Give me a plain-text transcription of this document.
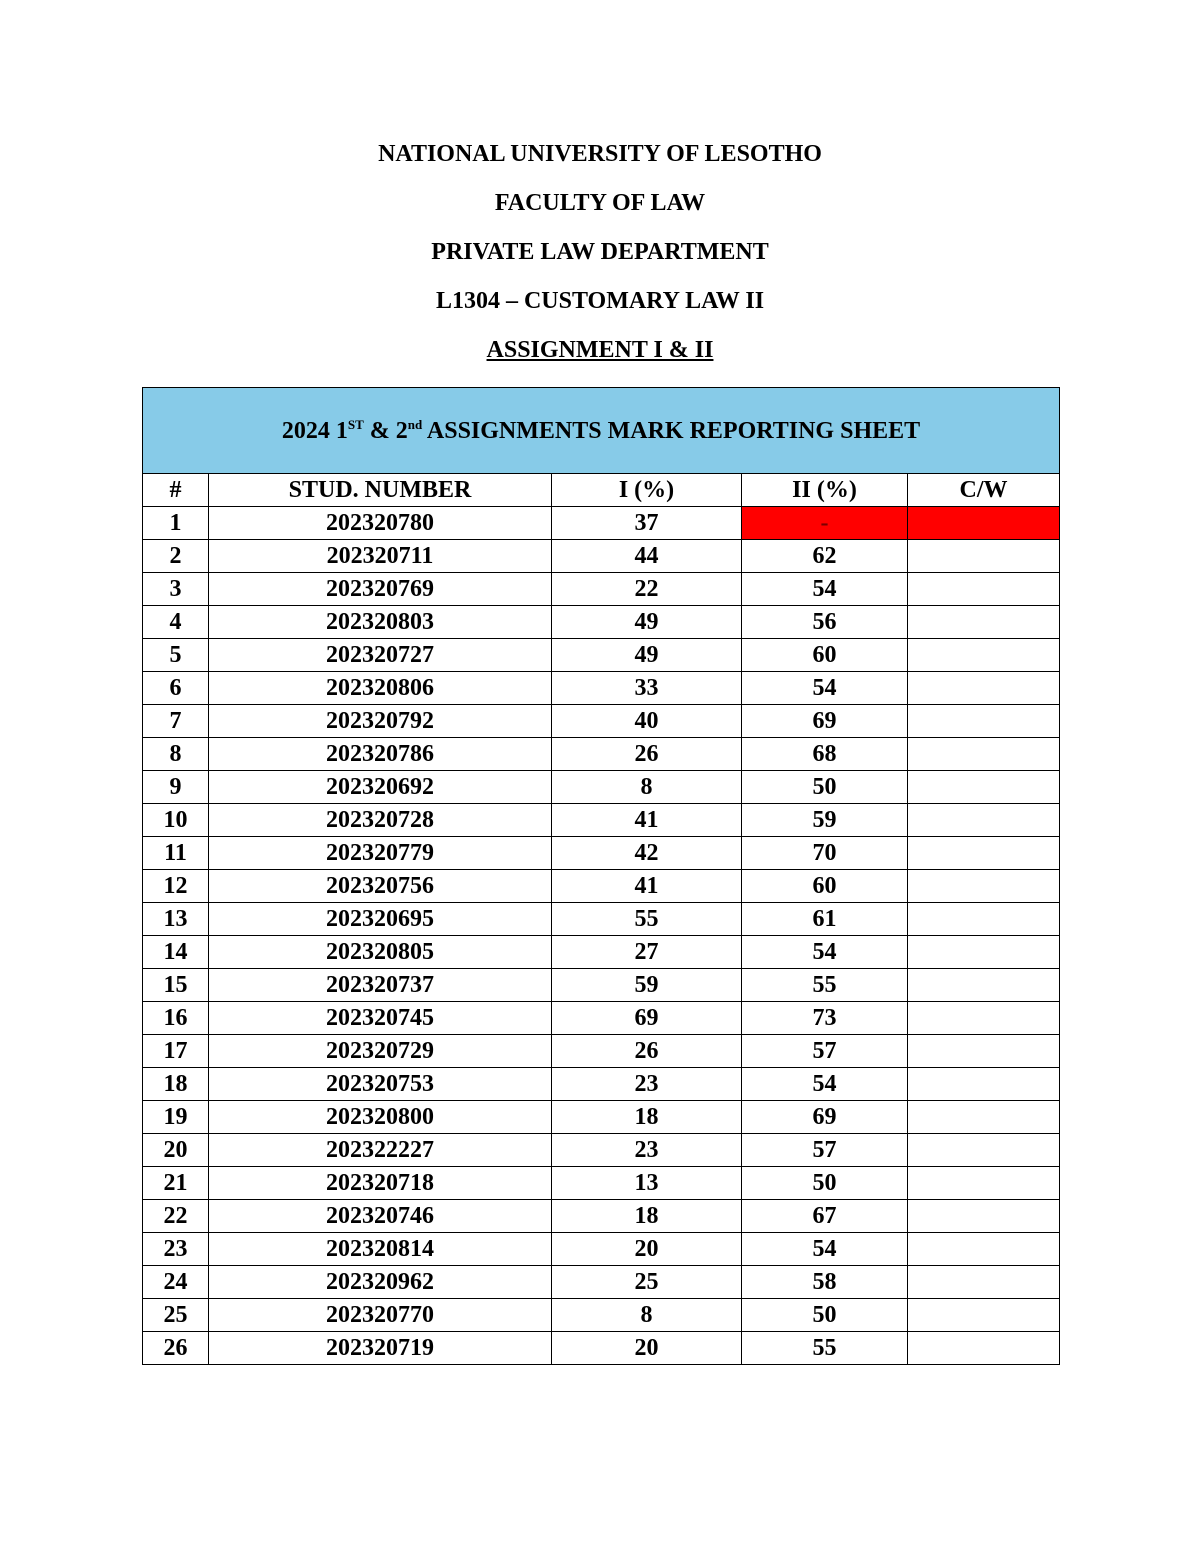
NATIONAL UNIVERSITY OF LESOTHO
FACULTY OF LAW
PRIVATE LAW DEPARTMENT
L1304 – CUSTOMARY LAW II
ASSIGNMENT I & II
2024 1ST & 2nd ASSIGNMENTS MARK REPORTING SHEET				
#	STUD. NUMBER	I (%)	II (%)	C/W
1	202320780	37	-	
2	202320711	44	62	
3	202320769	22	54	
4	202320803	49	56	
5	202320727	49	60	
6	202320806	33	54	
7	202320792	40	69	
8	202320786	26	68	
9	202320692	8	50	
10	202320728	41	59	
11	202320779	42	70	
12	202320756	41	60	
13	202320695	55	61	
14	202320805	27	54	
15	202320737	59	55	
16	202320745	69	73	
17	202320729	26	57	
18	202320753	23	54	
19	202320800	18	69	
20	202322227	23	57	
21	202320718	13	50	
22	202320746	18	67	
23	202320814	20	54	
24	202320962	25	58	
25	202320770	8	50	
26	202320719	20	55	
